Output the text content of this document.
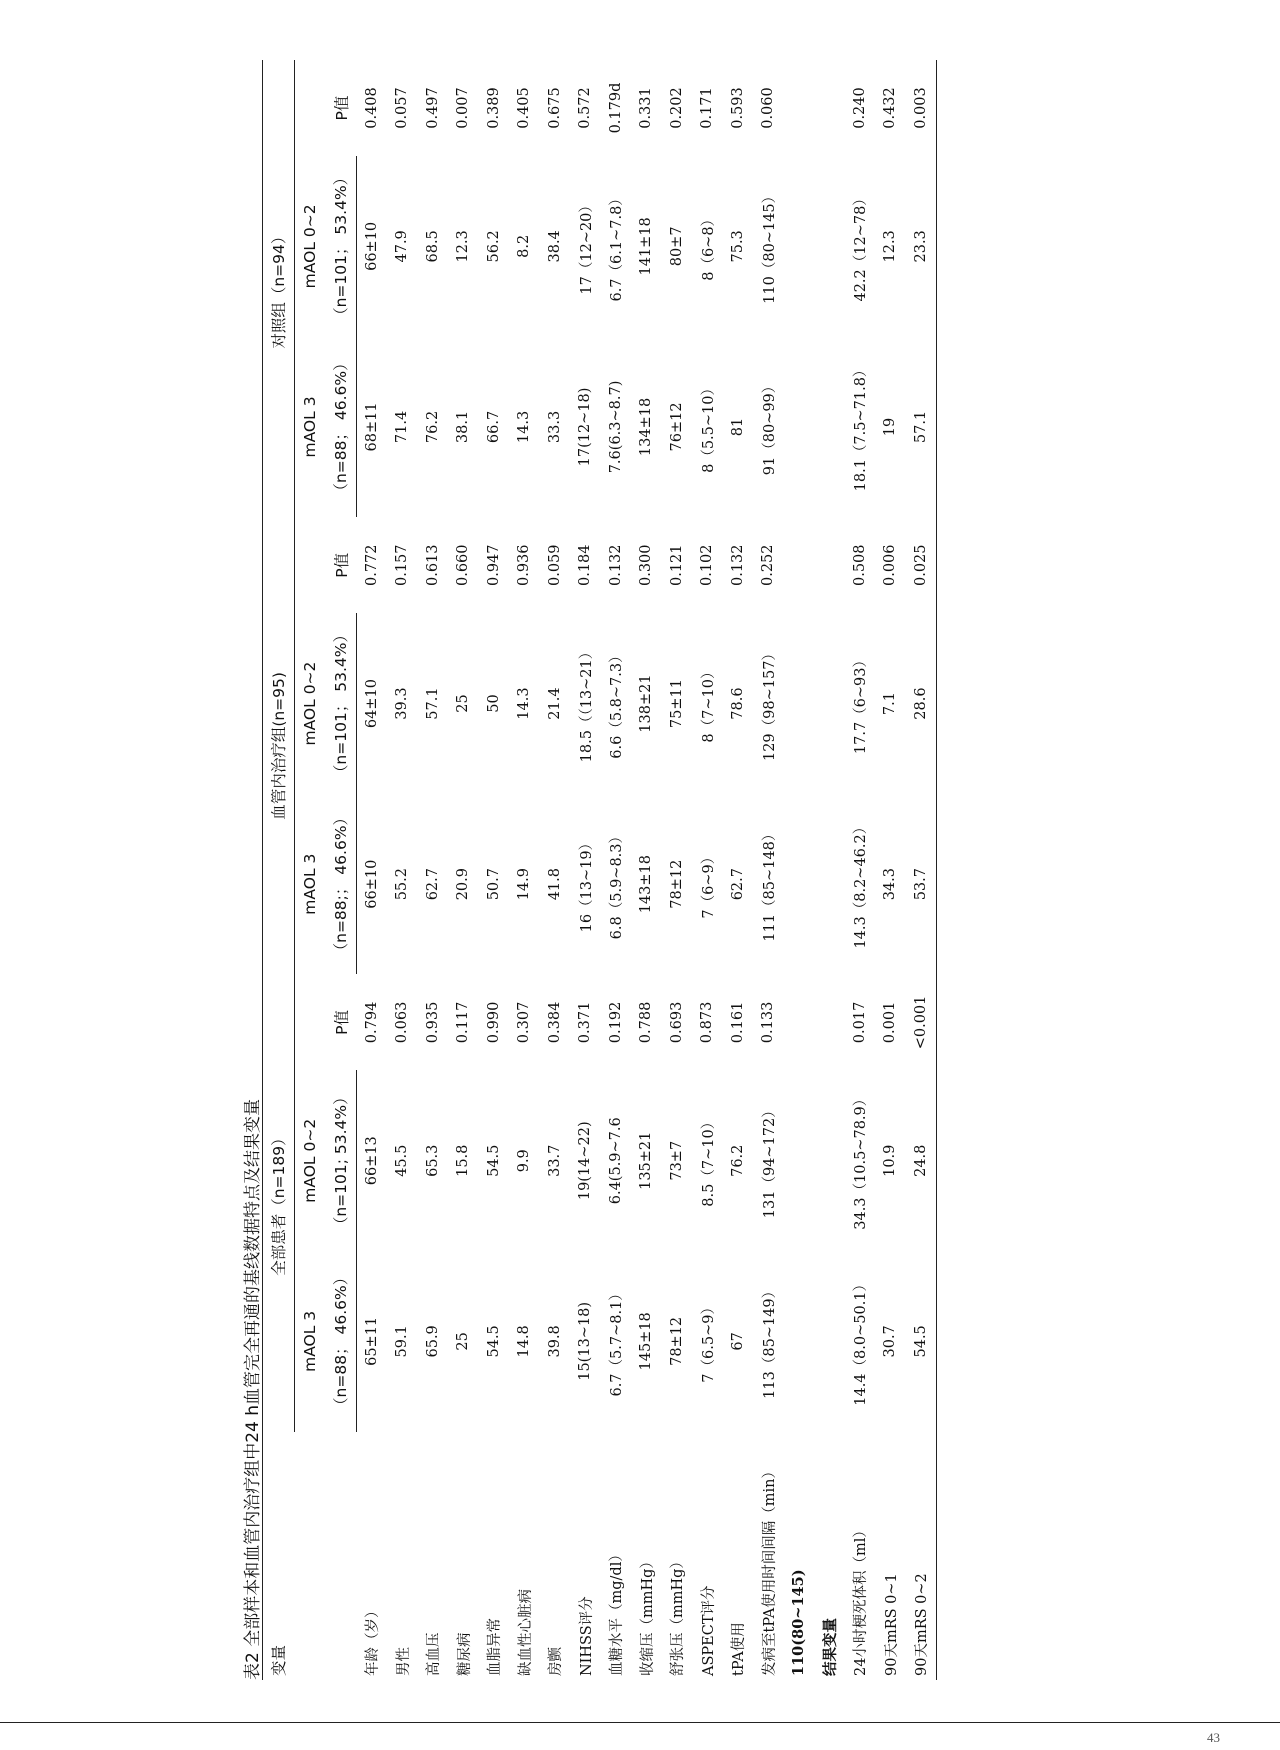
表2 全部样本和血管内治疗组中24 h血管完全再通的基线数据特点及结果变量 变量	全部患者（n=189）			血管内治疗组(n=95)			对照组（n=94）		
	mAOL 3	mAOL 0~2	P值	mAOL 3	mAOL 0~2	P值	mAOL 3	mAOL 0~2	P值
	（n=88； 46.6%）	（n=101; 53.4%）		（n=88;； 46.6%）	（n=101； 53.4%）		（n=88； 46.6%）	（n=101； 53.4%）	
年龄（岁）	65±11	66±13	0.794	66±10	64±10	0.772	68±11	66±10	0.408
男性	59.1	45.5	0.063	55.2	39.3	0.157	71.4	47.9	0.057
高血压	65.9	65.3	0.935	62.7	57.1	0.613	76.2	68.5	0.497
糖尿病	25	15.8	0.117	20.9	25	0.660	38.1	12.3	0.007
血脂异常	54.5	54.5	0.990	50.7	50	0.947	66.7	56.2	0.389
缺血性心脏病	14.8	9.9	0.307	14.9	14.3	0.936	14.3	8.2	0.405
房颤	39.8	33.7	0.384	41.8	21.4	0.059	33.3	38.4	0.675
NIHSS评分	15(13~18)	19(14~22)	0.371	16（13~19）	18.5（（13~21）	0.184	17(12~18)	17（12~20）	0.572
血糖水平（mg/dl）	6.7（5.7~8.1）	6.4(5.9~7.6	0.192	6.8（5.9~8.3）	6.6（5.8~7.3）	0.132	7.6(6.3~8.7)	6.7（6.1~7.8）	0.179d
收缩压（mmHg）	145±18	135±21	0.788	143±18	138±21	0.300	134±18	141±18	0.331
舒张压（mmHg）	78±12	73±7	0.693	78±12	75±11	0.121	76±12	80±7	0.202
ASPECT评分	7（6.5~9）	8.5（7~10）	0.873	7（6~9）	8（7~10）	0.102	8（5.5~10）	8（6~8）	0.171
tPA使用	67	76.2	0.161	62.7	78.6	0.132	81	75.3	0.593
发病至tPA使用时间间隔（min）	113（85~149）	131（94~172）	0.133	111（85~148）	129（98~157）	0.252	91（80~99）	110（80~145）	0.060
110(80~145)									
结果变量									
24小时梗死体积（ml）	14.4（8.0~50.1）	34.3（10.5~78.9）	0.017	14.3（8.2~46.2）	17.7（6~93）	0.508	18.1（7.5~71.8）	42.2（12~78）	0.240
90天mRS 0~1	30.7	10.9	0.001	34.3	7.1	0.006	19	12.3	0.432
90天mRS 0~2	54.5	24.8	<0.001	53.7	28.6	0.025	57.1	23.3	0.003
43
